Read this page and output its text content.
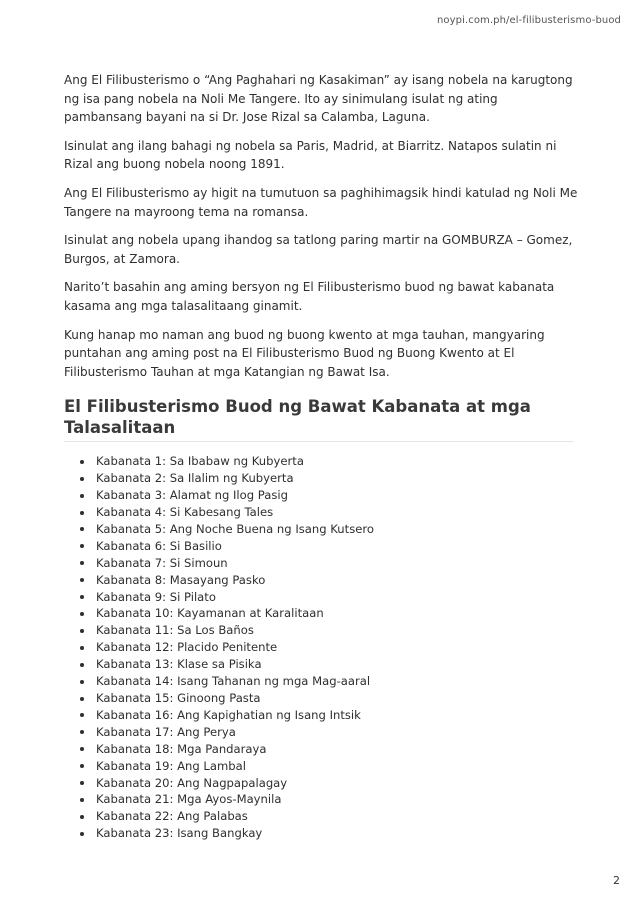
noypi.com.ph/el-filibusterismo-buod

Ang El Filibusterismo o “Ang Paghahari ng Kasakiman” ay isang nobela na karugtong ng isa pang nobela na Noli Me Tangere. Ito ay sinimulang isulat ng ating pambansang bayani na si Dr. Jose Rizal sa Calamba, Laguna.

Isinulat ang ilang bahagi ng nobela sa Paris, Madrid, at Biarritz. Natapos sulatin ni Rizal ang buong nobela noong 1891.

Ang El Filibusterismo ay higit na tumutuon sa paghihimagsik hindi katulad ng Noli Me Tangere na mayroong tema na romansa.

Isinulat ang nobela upang ihandog sa tatlong paring martir na GOMBURZA – Gomez, Burgos, at Zamora.

Narito’t basahin ang aming bersyon ng El Filibusterismo buod ng bawat kabanata kasama ang mga talasalitaang ginamit.

Kung hanap mo naman ang buod ng buong kwento at mga tauhan, mangyaring puntahan ang aming post na El Filibusterismo Buod ng Buong Kwento at El Filibusterismo Tauhan at mga Katangian ng Bawat Isa.

El Filibusterismo Buod ng Bawat Kabanata at mga Talasalitaan
Kabanata 1: Sa Ibabaw ng Kubyerta
Kabanata 2: Sa Ilalim ng Kubyerta
Kabanata 3: Alamat ng Ilog Pasig
Kabanata 4: Si Kabesang Tales
Kabanata 5: Ang Noche Buena ng Isang Kutsero
Kabanata 6: Si Basilio
Kabanata 7: Si Simoun
Kabanata 8: Masayang Pasko
Kabanata 9: Si Pilato
Kabanata 10: Kayamanan at Karalitaan
Kabanata 11: Sa Los Baños
Kabanata 12: Placido Penitente
Kabanata 13: Klase sa Pisika
Kabanata 14: Isang Tahanan ng mga Mag-aaral
Kabanata 15: Ginoong Pasta
Kabanata 16: Ang Kapighatian ng Isang Intsik
Kabanata 17: Ang Perya
Kabanata 18: Mga Pandaraya
Kabanata 19: Ang Lambal
Kabanata 20: Ang Nagpapalagay
Kabanata 21: Mga Ayos-Maynila
Kabanata 22: Ang Palabas
Kabanata 23: Isang Bangkay
2
